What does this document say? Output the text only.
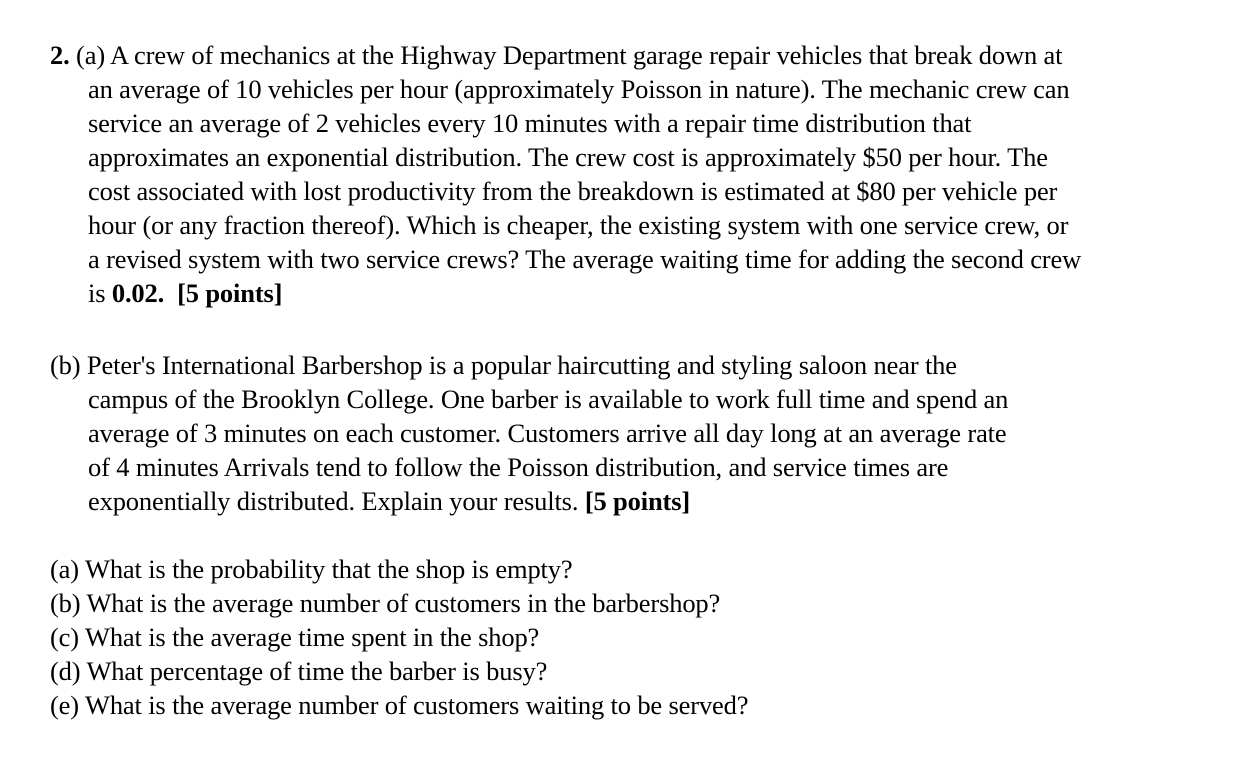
2. (a) A crew of mechanics at the Highway Department garage repair vehicles that break down at
an average of 10 vehicles per hour (approximately Poisson in nature). The mechanic crew can
service an average of 2 vehicles every 10 minutes with a repair time distribution that
approximates an exponential distribution. The crew cost is approximately $50 per hour. The
cost associated with lost productivity from the breakdown is estimated at $80 per vehicle per
hour (or any fraction thereof). Which is cheaper, the existing system with one service crew, or
a revised system with two service crews? The average waiting time for adding the second crew
is 0.02. [5 points]
(b) Peter's International Barbershop is a popular haircutting and styling saloon near the
campus of the Brooklyn College. One barber is available to work full time and spend an
average of 3 minutes on each customer. Customers arrive all day long at an average rate
of 4 minutes Arrivals tend to follow the Poisson distribution, and service times are
exponentially distributed. Explain your results. [5 points]
(a) What is the probability that the shop is empty?
(b) What is the average number of customers in the barbershop?
(c) What is the average time spent in the shop?
(d) What percentage of time the barber is busy?
(e) What is the average number of customers waiting to be served?
